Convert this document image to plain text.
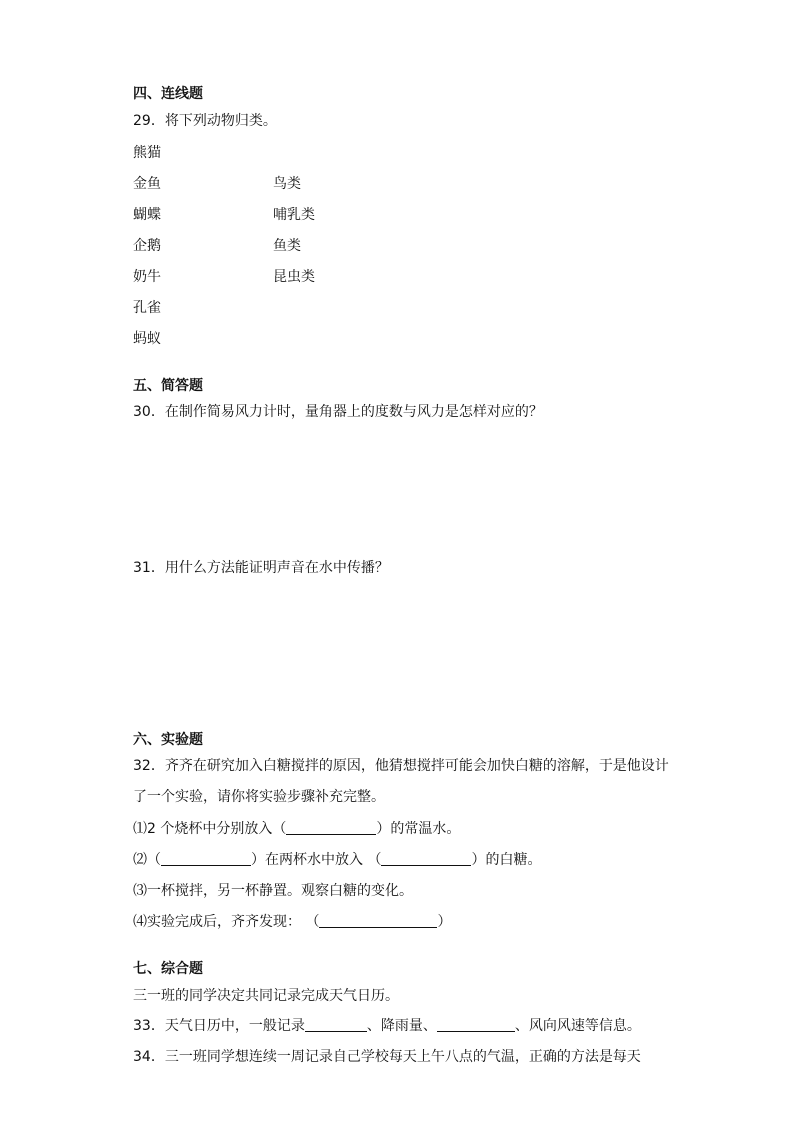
四、连线题
29．将下列动物归类。
熊猫
金鱼
蝴蝶
企鹅
奶牛
孔雀
蚂蚁
鸟类
哺乳类
鱼类
昆虫类
五、简答题
30．在制作简易风力计时，量角器上的度数与风力是怎样对应的？
31．用什么方法能证明声音在水中传播？
六、实验题
32．齐齐在研究加入白糖搅拌的原因，他猜想搅拌可能会加快白糖的溶解，于是他设计
了一个实验，请你将实验步骤补充完整。
⑴2 个烧杯中分别放入（	）的常温水。
⑵（	）在两杯水中放入 （	）的白糖。
⑶一杯搅拌，另一杯静置。观察白糖的变化。
⑷实验完成后，齐齐发现： （	）
七、综合题
三一班的同学决定共同记录完成天气日历。
33．天气日历中，一般记录	、降雨量、	、风向风速等信息。
34．三一班同学想连续一周记录自己学校每天上午八点的气温，正确的方法是每天
